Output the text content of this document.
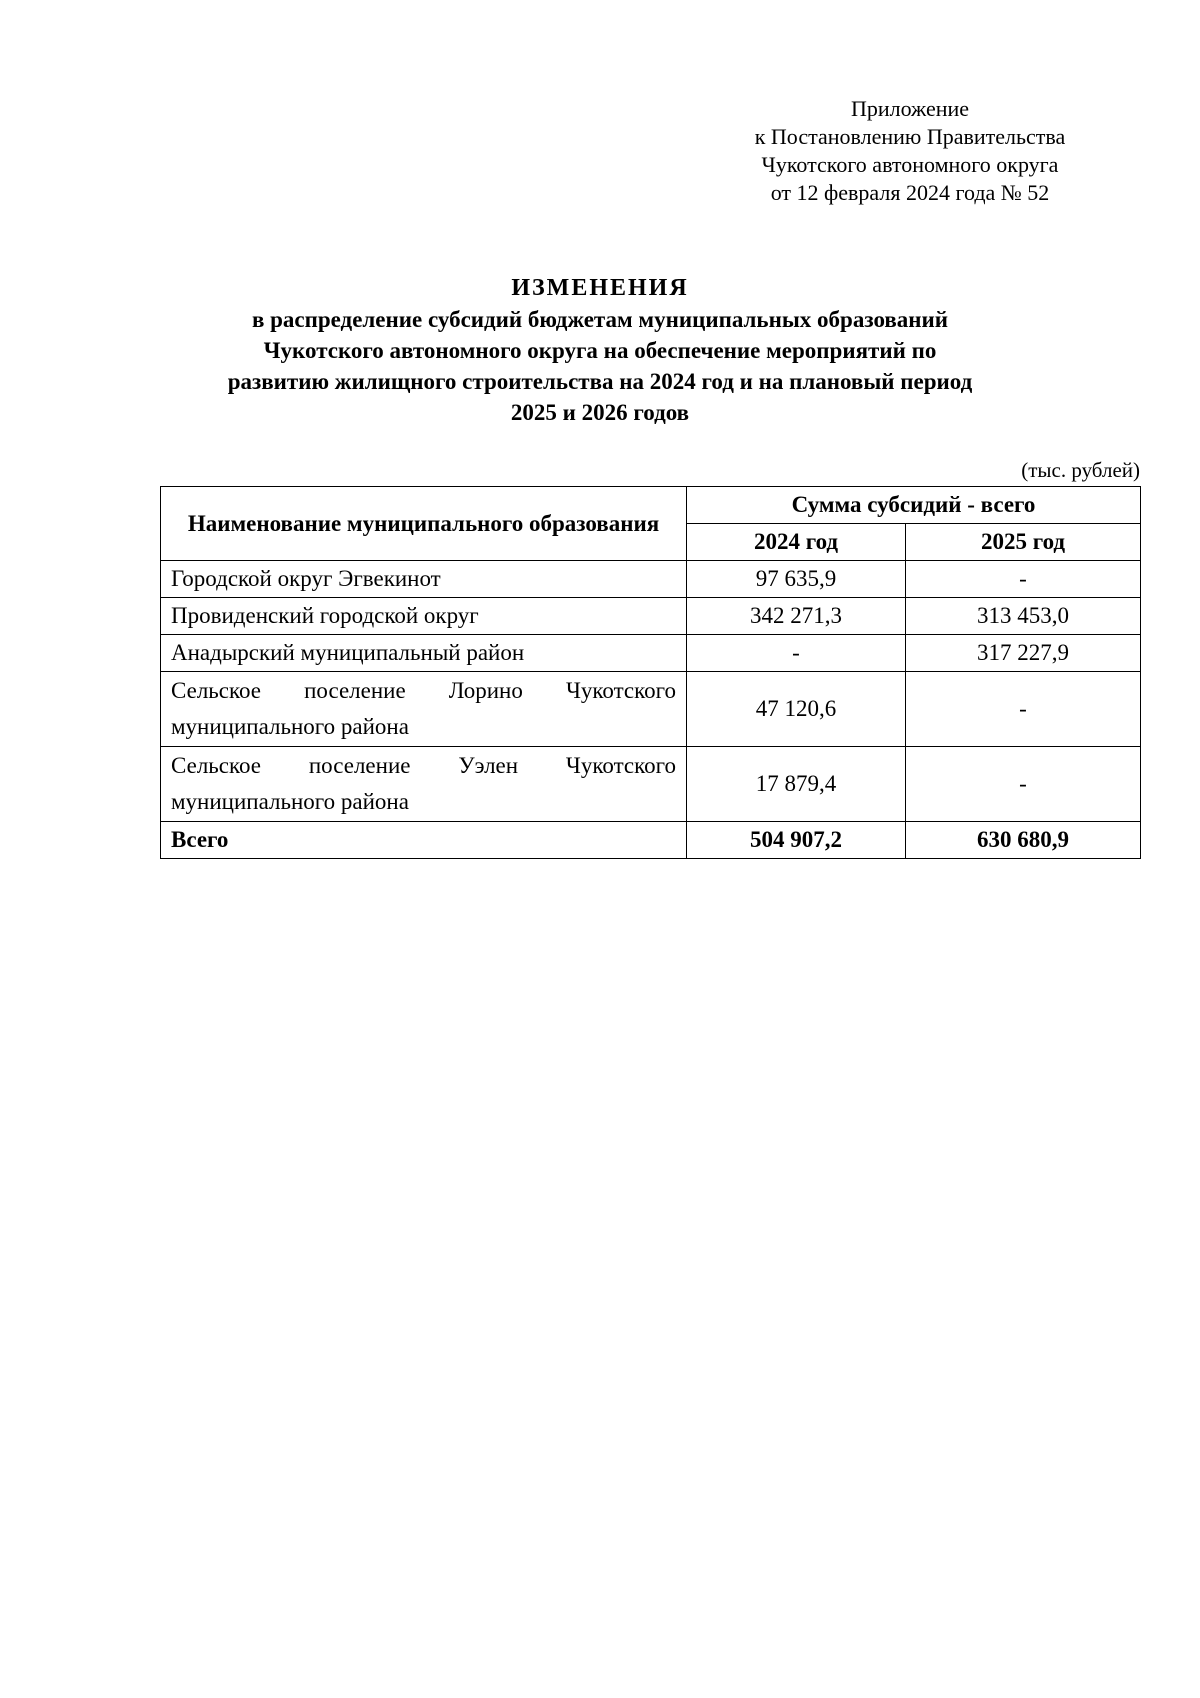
Приложение
к Постановлению Правительства
Чукотского автономного округа
от 12 февраля 2024 года № 52
ИЗМЕНЕНИЯ
в распределение субсидий бюджетам муниципальных образований
Чукотского автономного округа на обеспечение мероприятий по
развитию жилищного строительства на 2024 год и на плановый период
2025 и 2026 годов
(тыс. рублей)
Наименование муниципального образования	Сумма субсидий - всего	
	2024 год	2025 год
Городской округ Эгвекинот	97 635,9	-
Провиденский городской округ	342 271,3	313 453,0
Анадырский муниципальный район	-	317 227,9
Сельское поселение Лорино Чукотского муниципального района	47 120,6	-
Сельское поселение Уэлен Чукотского муниципального района	17 879,4	-
Всего	504 907,2	630 680,9
